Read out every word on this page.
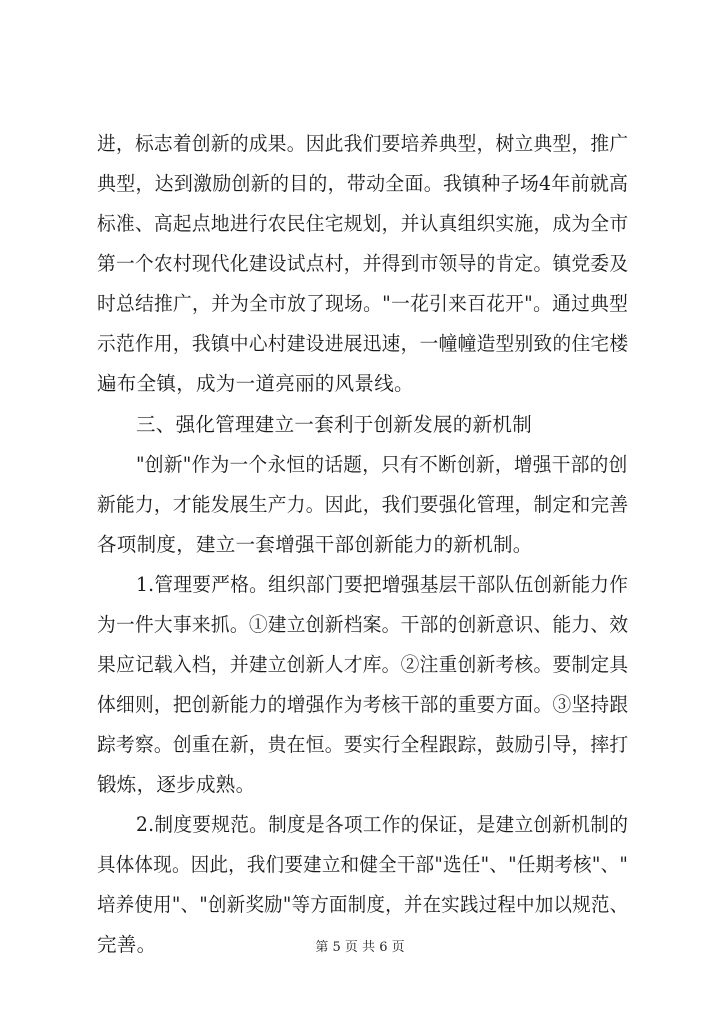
进，标志着创新的成果。因此我们要培养典型，树立典型，推广
典型，达到激励创新的目的，带动全面。我镇种子场4年前就高
标准、高起点地进行农民住宅规划，并认真组织实施，成为全市
第一个农村现代化建设试点村，并得到市领导的肯定。镇党委及
时总结推广，并为全市放了现场。"一花引来百花开"。通过典型
示范作用，我镇中心村建设进展迅速，一幢幢造型别致的住宅楼
遍布全镇，成为一道亮丽的风景线。
三、强化管理建立一套利于创新发展的新机制
"创新"作为一个永恒的话题，只有不断创新，增强干部的创
新能力，才能发展生产力。因此，我们要强化管理，制定和完善
各项制度，建立一套增强干部创新能力的新机制。
1.管理要严格。组织部门要把增强基层干部队伍创新能力作
为一件大事来抓。①建立创新档案。干部的创新意识、能力、效
果应记载入档，并建立创新人才库。②注重创新考核。要制定具
体细则，把创新能力的增强作为考核干部的重要方面。③坚持跟
踪考察。创重在新，贵在恒。要实行全程跟踪，鼓励引导，摔打
锻炼，逐步成熟。
2.制度要规范。制度是各项工作的保证，是建立创新机制的
具体体现。因此，我们要建立和健全干部"选任"、"任期考核"、"
培养使用"、"创新奖励"等方面制度，并在实践过程中加以规范、
完善。	第 5 页 共 6 页
